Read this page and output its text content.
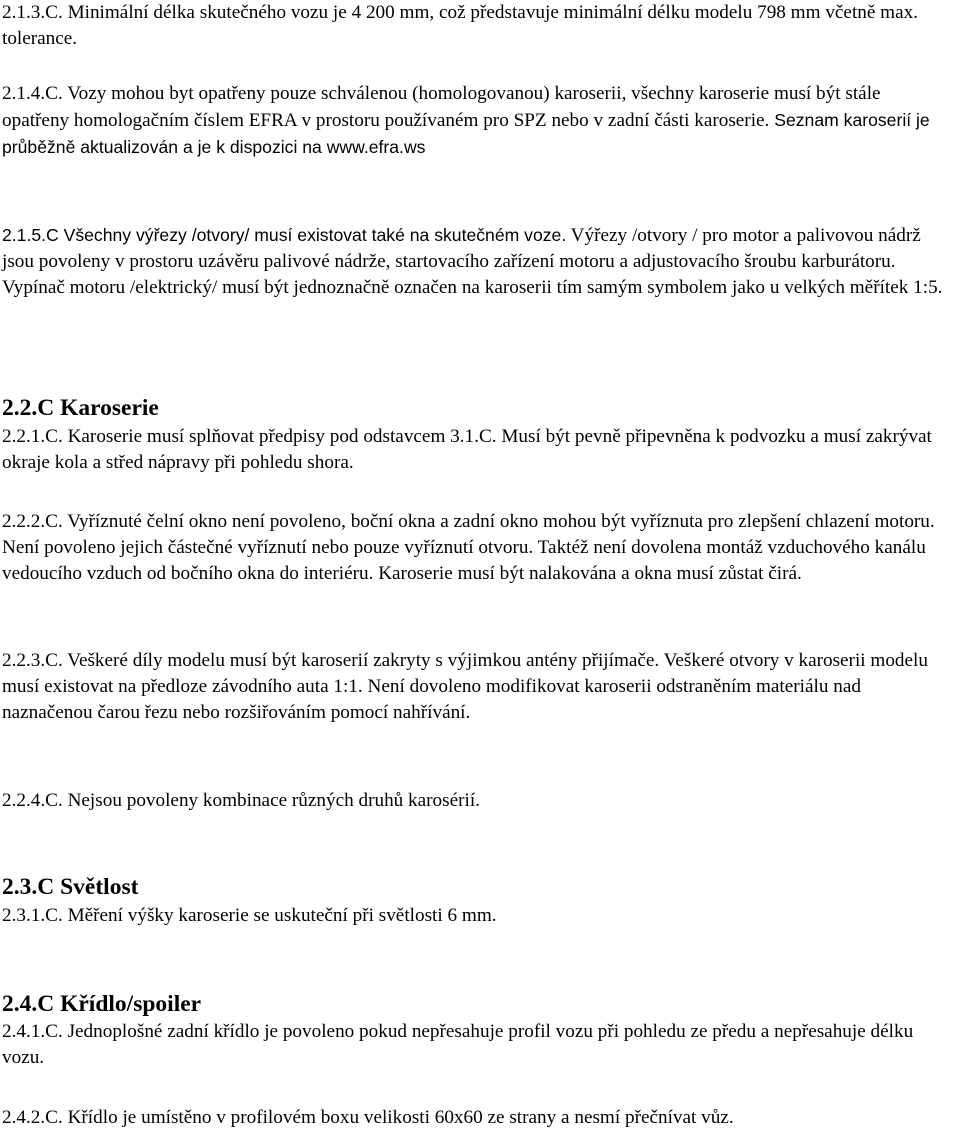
2.1.3.C. Minimální délka skutečného vozu je 4 200 mm, což představuje minimální délku modelu 798 mm včetně max. tolerance.

2.1.4.C. Vozy mohou byt opatřeny pouze schválenou (homologovanou) karoserii, všechny karoserie musí být stále opatřeny homologačním číslem EFRA v prostoru používaném pro SPZ nebo v zadní části karoserie. Seznam karoserií je průběžně aktualizován a je k dispozici na www.efra.ws

2.1.5.C Všechny výřezy /otvory/ musí existovat také na skutečném voze. Výřezy /otvory / pro motor a palivovou nádrž jsou povoleny v prostoru uzávěru palivové nádrže, startovacího zařízení motoru a adjustovacího šroubu karburátoru. Vypínač motoru /elektrický/ musí být jednoznačně označen na karoserii tím samým symbolem jako u velkých měřítek 1:5.

2.2.C Karoserie

2.2.1.C. Karoserie musí splňovat předpisy pod odstavcem 3.1.C. Musí být pevně připevněna k podvozku a musí zakrývat okraje kola a střed nápravy při pohledu shora.

2.2.2.C. Vyříznuté čelní okno není povoleno, boční okna a zadní okno mohou být vyříznuta pro zlepšení chlazení motoru. Není povoleno jejich částečné vyříznutí nebo pouze vyříznutí otvoru. Taktéž není dovolena montáž vzduchového kanálu vedoucího vzduch od bočního okna do interiéru. Karoserie musí být nalakována a okna musí zůstat čirá.

2.2.3.C. Veškeré díly modelu musí být karoserií zakryty s výjimkou antény přijímače. Veškeré otvory v karoserii modelu musí existovat na předloze závodního auta 1:1. Není dovoleno modifikovat karoserii odstraněním materiálu nad naznačenou čarou řezu nebo rozšiřováním pomocí nahřívání.

2.2.4.C. Nejsou povoleny kombinace různých druhů karosérií.

2.3.C Světlost

2.3.1.C. Měření výšky karoserie se uskuteční při světlosti 6 mm.

2.4.C Křídlo/spoiler

2.4.1.C. Jednoplošné zadní křídlo je povoleno pokud nepřesahuje profil vozu při pohledu ze předu a nepřesahuje délku vozu.

2.4.2.C. Křídlo je umístěno v profilovém boxu velikosti 60x60 ze strany a nesmí přečnívat vůz.
